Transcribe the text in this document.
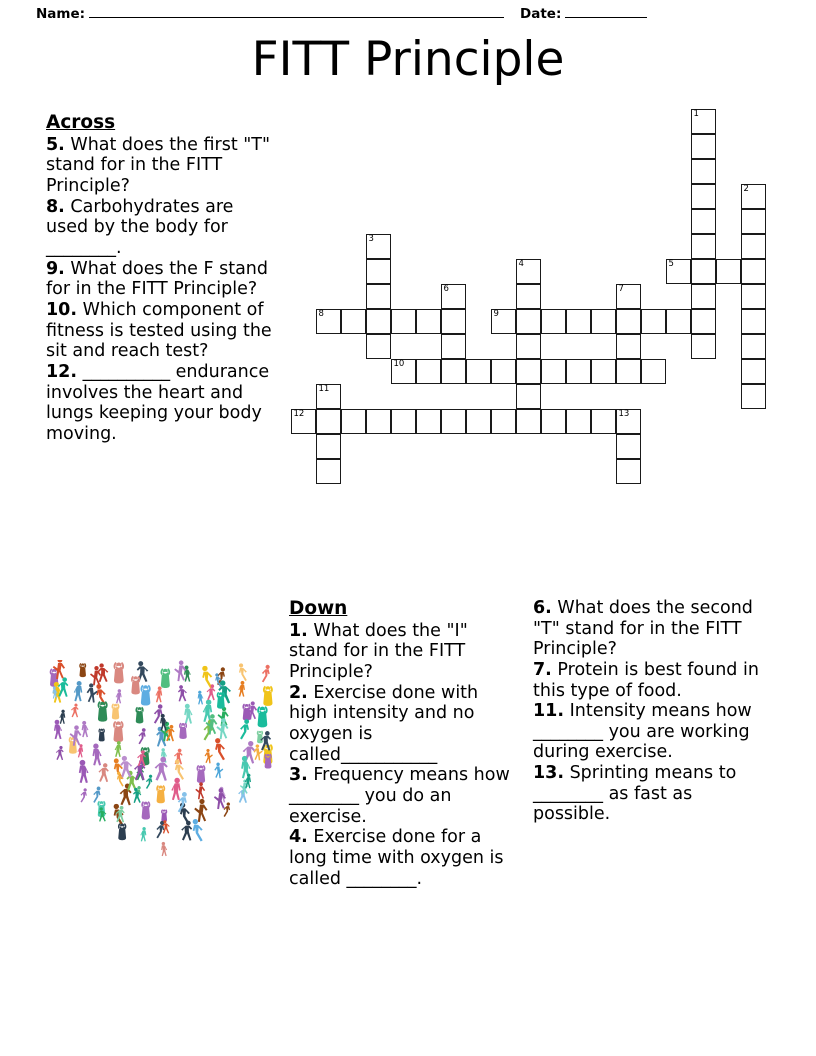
Name:	Date:
FITT Principle
Across
5. What does the first "T" stand for in the FITT Principle?
8. Carbohydrates are used by the body for ________.
9. What does the F stand for in the FITT Principle?
10. Which component of fitness is tested using the sit and reach test?
12. __________ endurance involves the heart and lungs keeping your body moving.
Down
1. What does the "I" stand for in the FITT Principle?
2. Exercise done with high intensity and no oxygen is called___________
3. Frequency means how ________ you do an exercise.
4. Exercise done for a long time with oxygen is called ________.
6. What does the second "T" stand for in the FITT Principle?
7. Protein is best found in this type of food.
11. Intensity means how ________ you are working during exercise.
13. Sprinting means to ________ as fast as possible.
1
2
3
4	5
6	7
8	9
10
11
12	13
